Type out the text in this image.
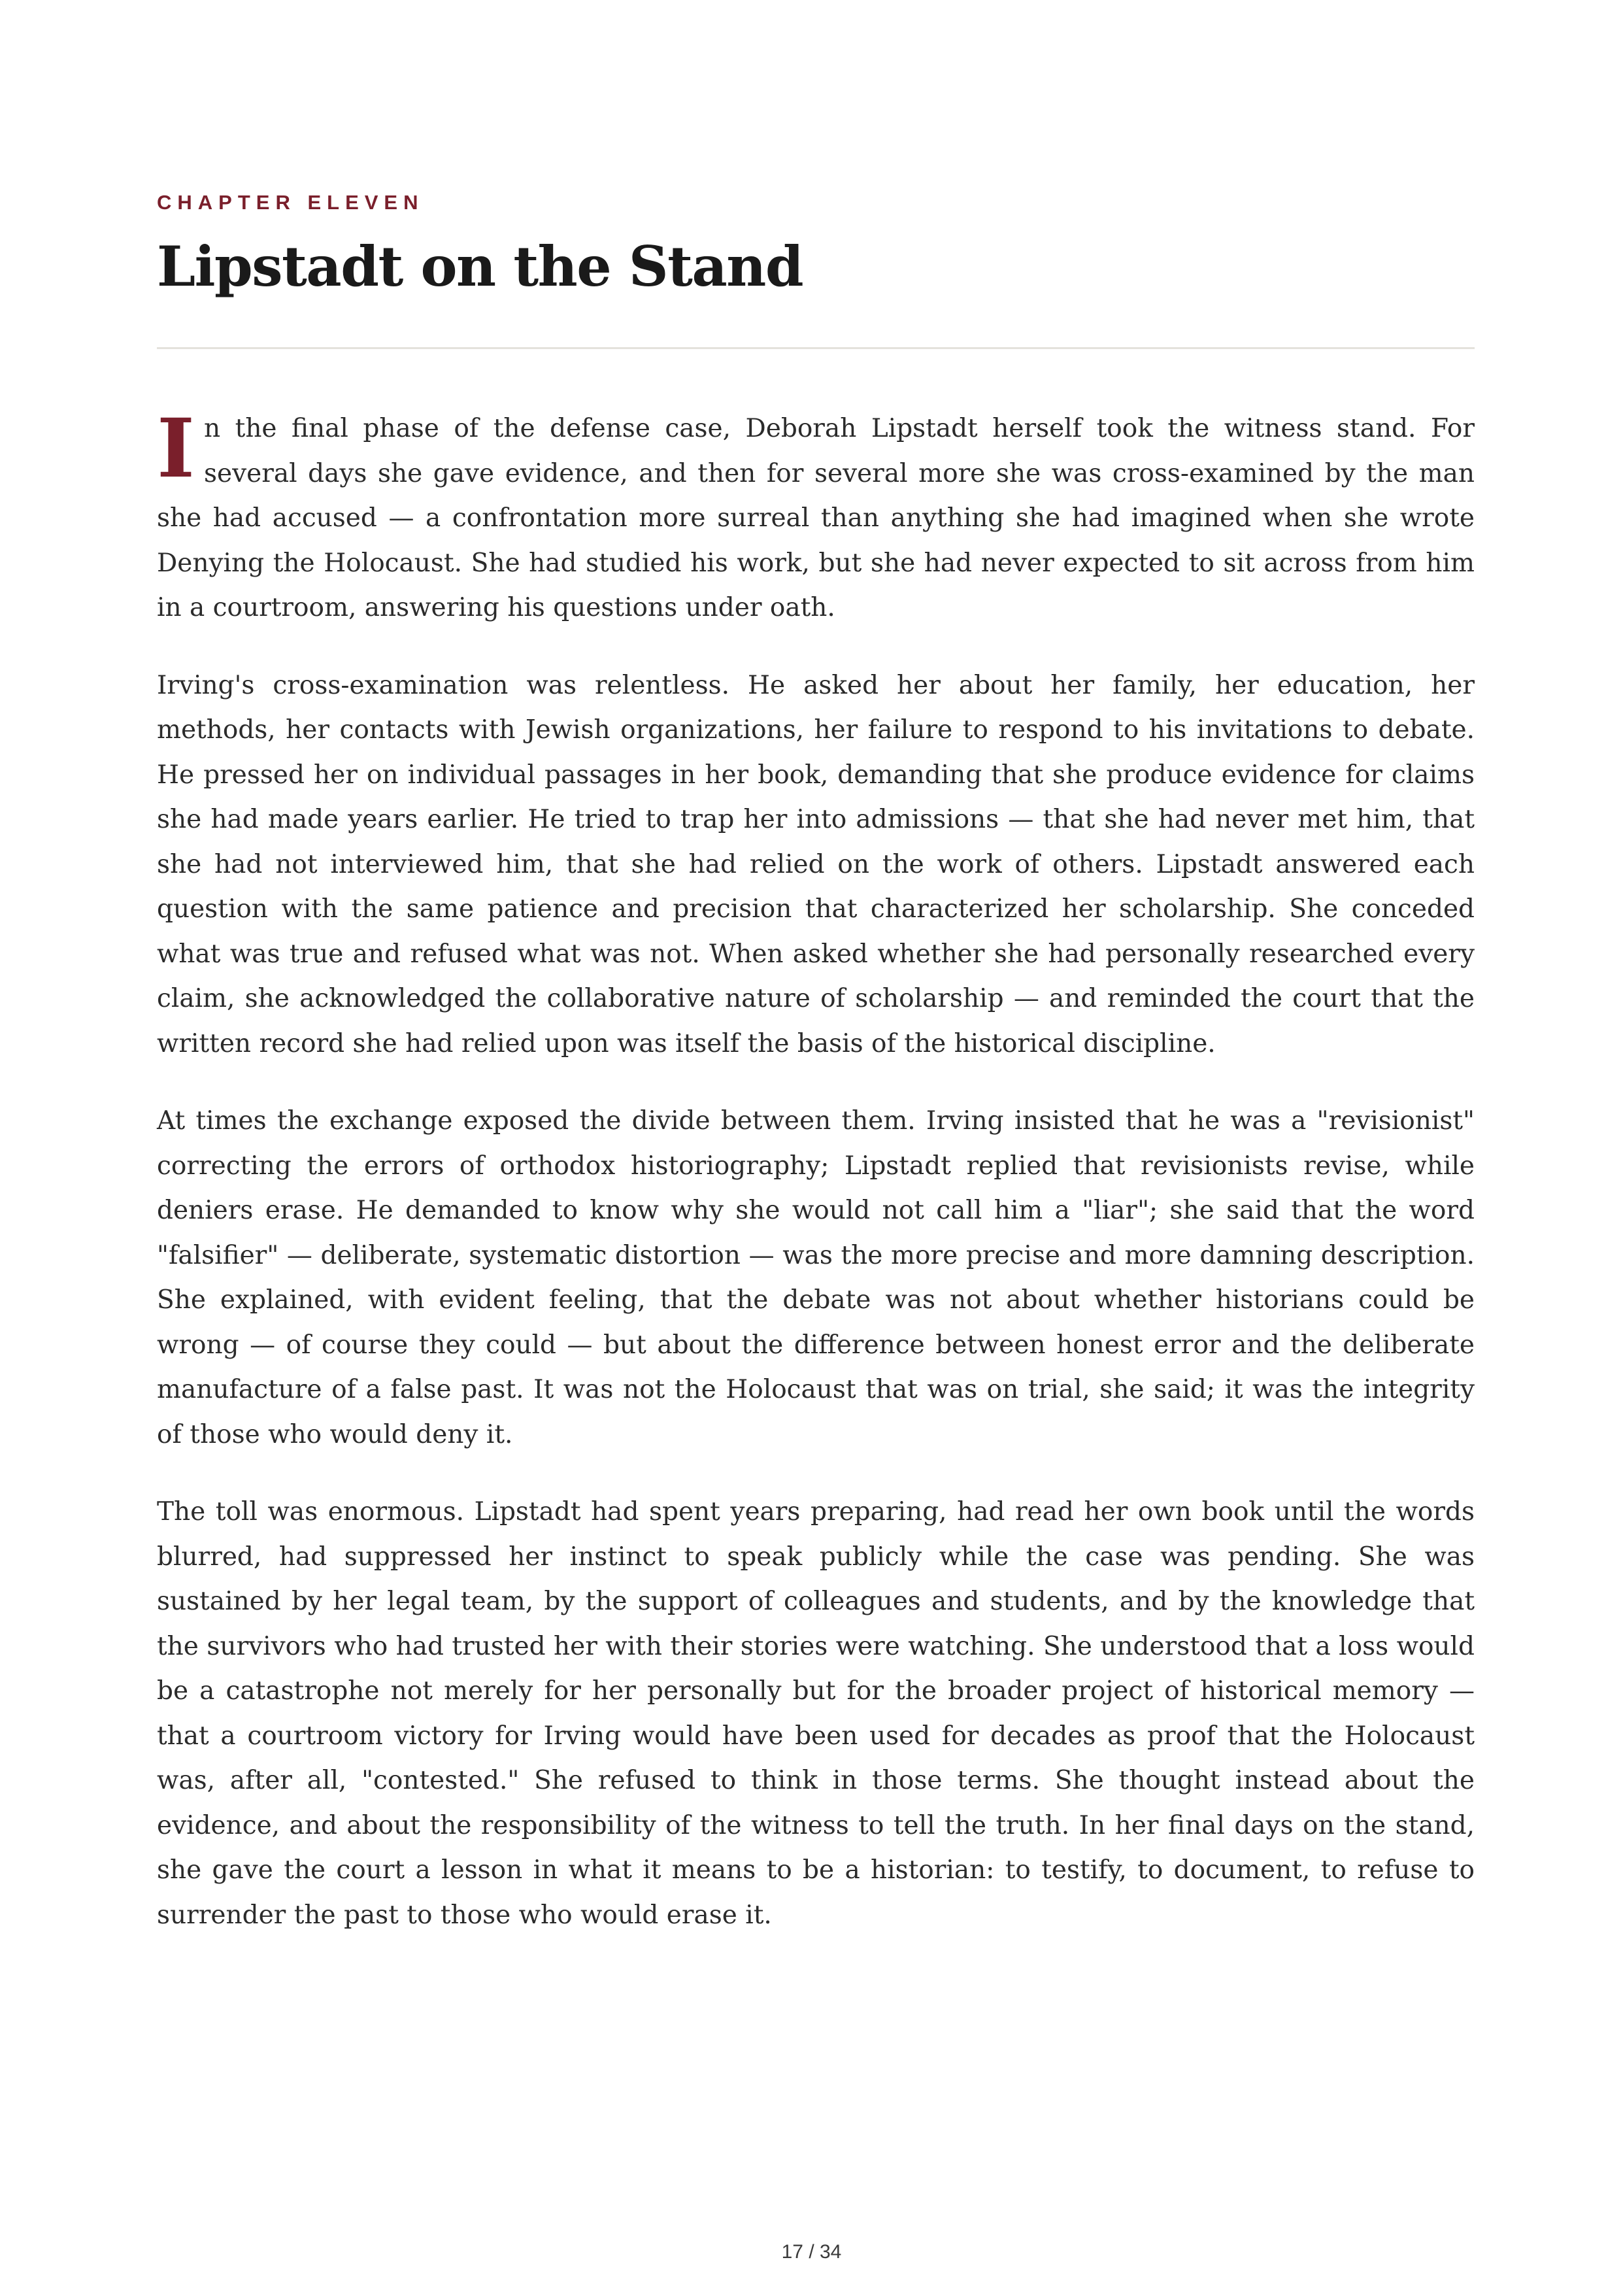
CHAPTER ELEVEN
Lipstadt on the Stand

In the final phase of the defense case, Deborah Lipstadt herself took the witness stand. For several days she gave evidence, and then for several more she was cross-examined by the man she had accused — a confrontation more surreal than anything she had imagined when she wrote Denying the Holocaust. She had studied his work, but she had never expected to sit across from him in a courtroom, answering his questions under oath.

Irving's cross-examination was relentless. He asked her about her family, her education, her methods, her contacts with Jewish organizations, her failure to respond to his invitations to debate. He pressed her on individual passages in her book, demanding that she produce evidence for claims she had made years earlier. He tried to trap her into admissions — that she had never met him, that she had not interviewed him, that she had relied on the work of others. Lipstadt answered each question with the same patience and precision that characterized her scholarship. She conceded what was true and refused what was not. When asked whether she had personally researched every claim, she acknowledged the collaborative nature of scholarship — and reminded the court that the written record she had relied upon was itself the basis of the historical discipline.

At times the exchange exposed the divide between them. Irving insisted that he was a "revisionist" correcting the errors of orthodox historiography; Lipstadt replied that revisionists revise, while deniers erase. He demanded to know why she would not call him a "liar"; she said that the word "falsifier" — deliberate, systematic distortion — was the more precise and more damning description. She explained, with evident feeling, that the debate was not about whether historians could be wrong — of course they could — but about the difference between honest error and the deliberate manufacture of a false past. It was not the Holocaust that was on trial, she said; it was the integrity of those who would deny it.

The toll was enormous. Lipstadt had spent years preparing, had read her own book until the words blurred, had suppressed her instinct to speak publicly while the case was pending. She was sustained by her legal team, by the support of colleagues and students, and by the knowledge that the survivors who had trusted her with their stories were watching. She understood that a loss would be a catastrophe not merely for her personally but for the broader project of historical memory — that a courtroom victory for Irving would have been used for decades as proof that the Holocaust was, after all, "contested." She refused to think in those terms. She thought instead about the evidence, and about the responsibility of the witness to tell the truth. In her final days on the stand, she gave the court a lesson in what it means to be a historian: to testify, to document, to refuse to surrender the past to those who would erase it.

17 / 34
